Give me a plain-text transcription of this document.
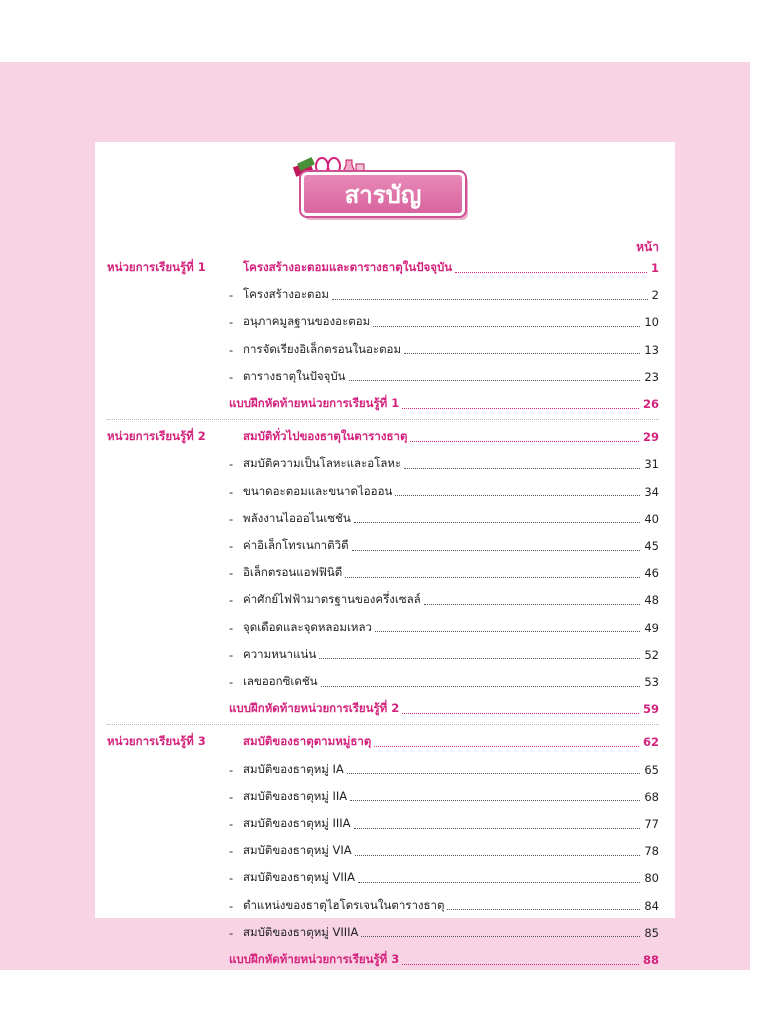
สารบัญ
หน้า
หน่วยการเรียนรู้ที่ 1	โครงสร้างอะตอมและตารางธาตุในปัจจุบัน	1
- โครงสร้างอะตอม	2
- อนุภาคมูลฐานของอะตอม	10
- การจัดเรียงอิเล็กตรอนในอะตอม	13
- ตารางธาตุในปัจจุบัน	23
แบบฝึกหัดท้ายหน่วยการเรียนรู้ที่ 1	26
หน่วยการเรียนรู้ที่ 2	สมบัติทั่วไปของธาตุในตารางธาตุ	29
- สมบัติความเป็นโลหะและอโลหะ	31
- ขนาดอะตอมและขนาดไอออน	34
- พลังงานไอออไนเซชัน	40
- ค่าอิเล็กโทรเนกาติวิตี	45
- อิเล็กตรอนแอฟฟินิตี	46
- ค่าศักย์ไฟฟ้ามาตรฐานของครึ่งเซลล์	48
- จุดเดือดและจุดหลอมเหลว	49
- ความหนาแน่น	52
- เลขออกซิเดชัน	53
แบบฝึกหัดท้ายหน่วยการเรียนรู้ที่ 2	59
หน่วยการเรียนรู้ที่ 3	สมบัติของธาตุตามหมู่ธาตุ	62
- สมบัติของธาตุหมู่ IA	65
- สมบัติของธาตุหมู่ IIA	68
- สมบัติของธาตุหมู่ IIIA	77
- สมบัติของธาตุหมู่ VIA	78
- สมบัติของธาตุหมู่ VIIA	80
- ตำแหน่งของธาตุไฮโดรเจนในตารางธาตุ	84
- สมบัติของธาตุหมู่ VIIIA	85
แบบฝึกหัดท้ายหน่วยการเรียนรู้ที่ 3	88
